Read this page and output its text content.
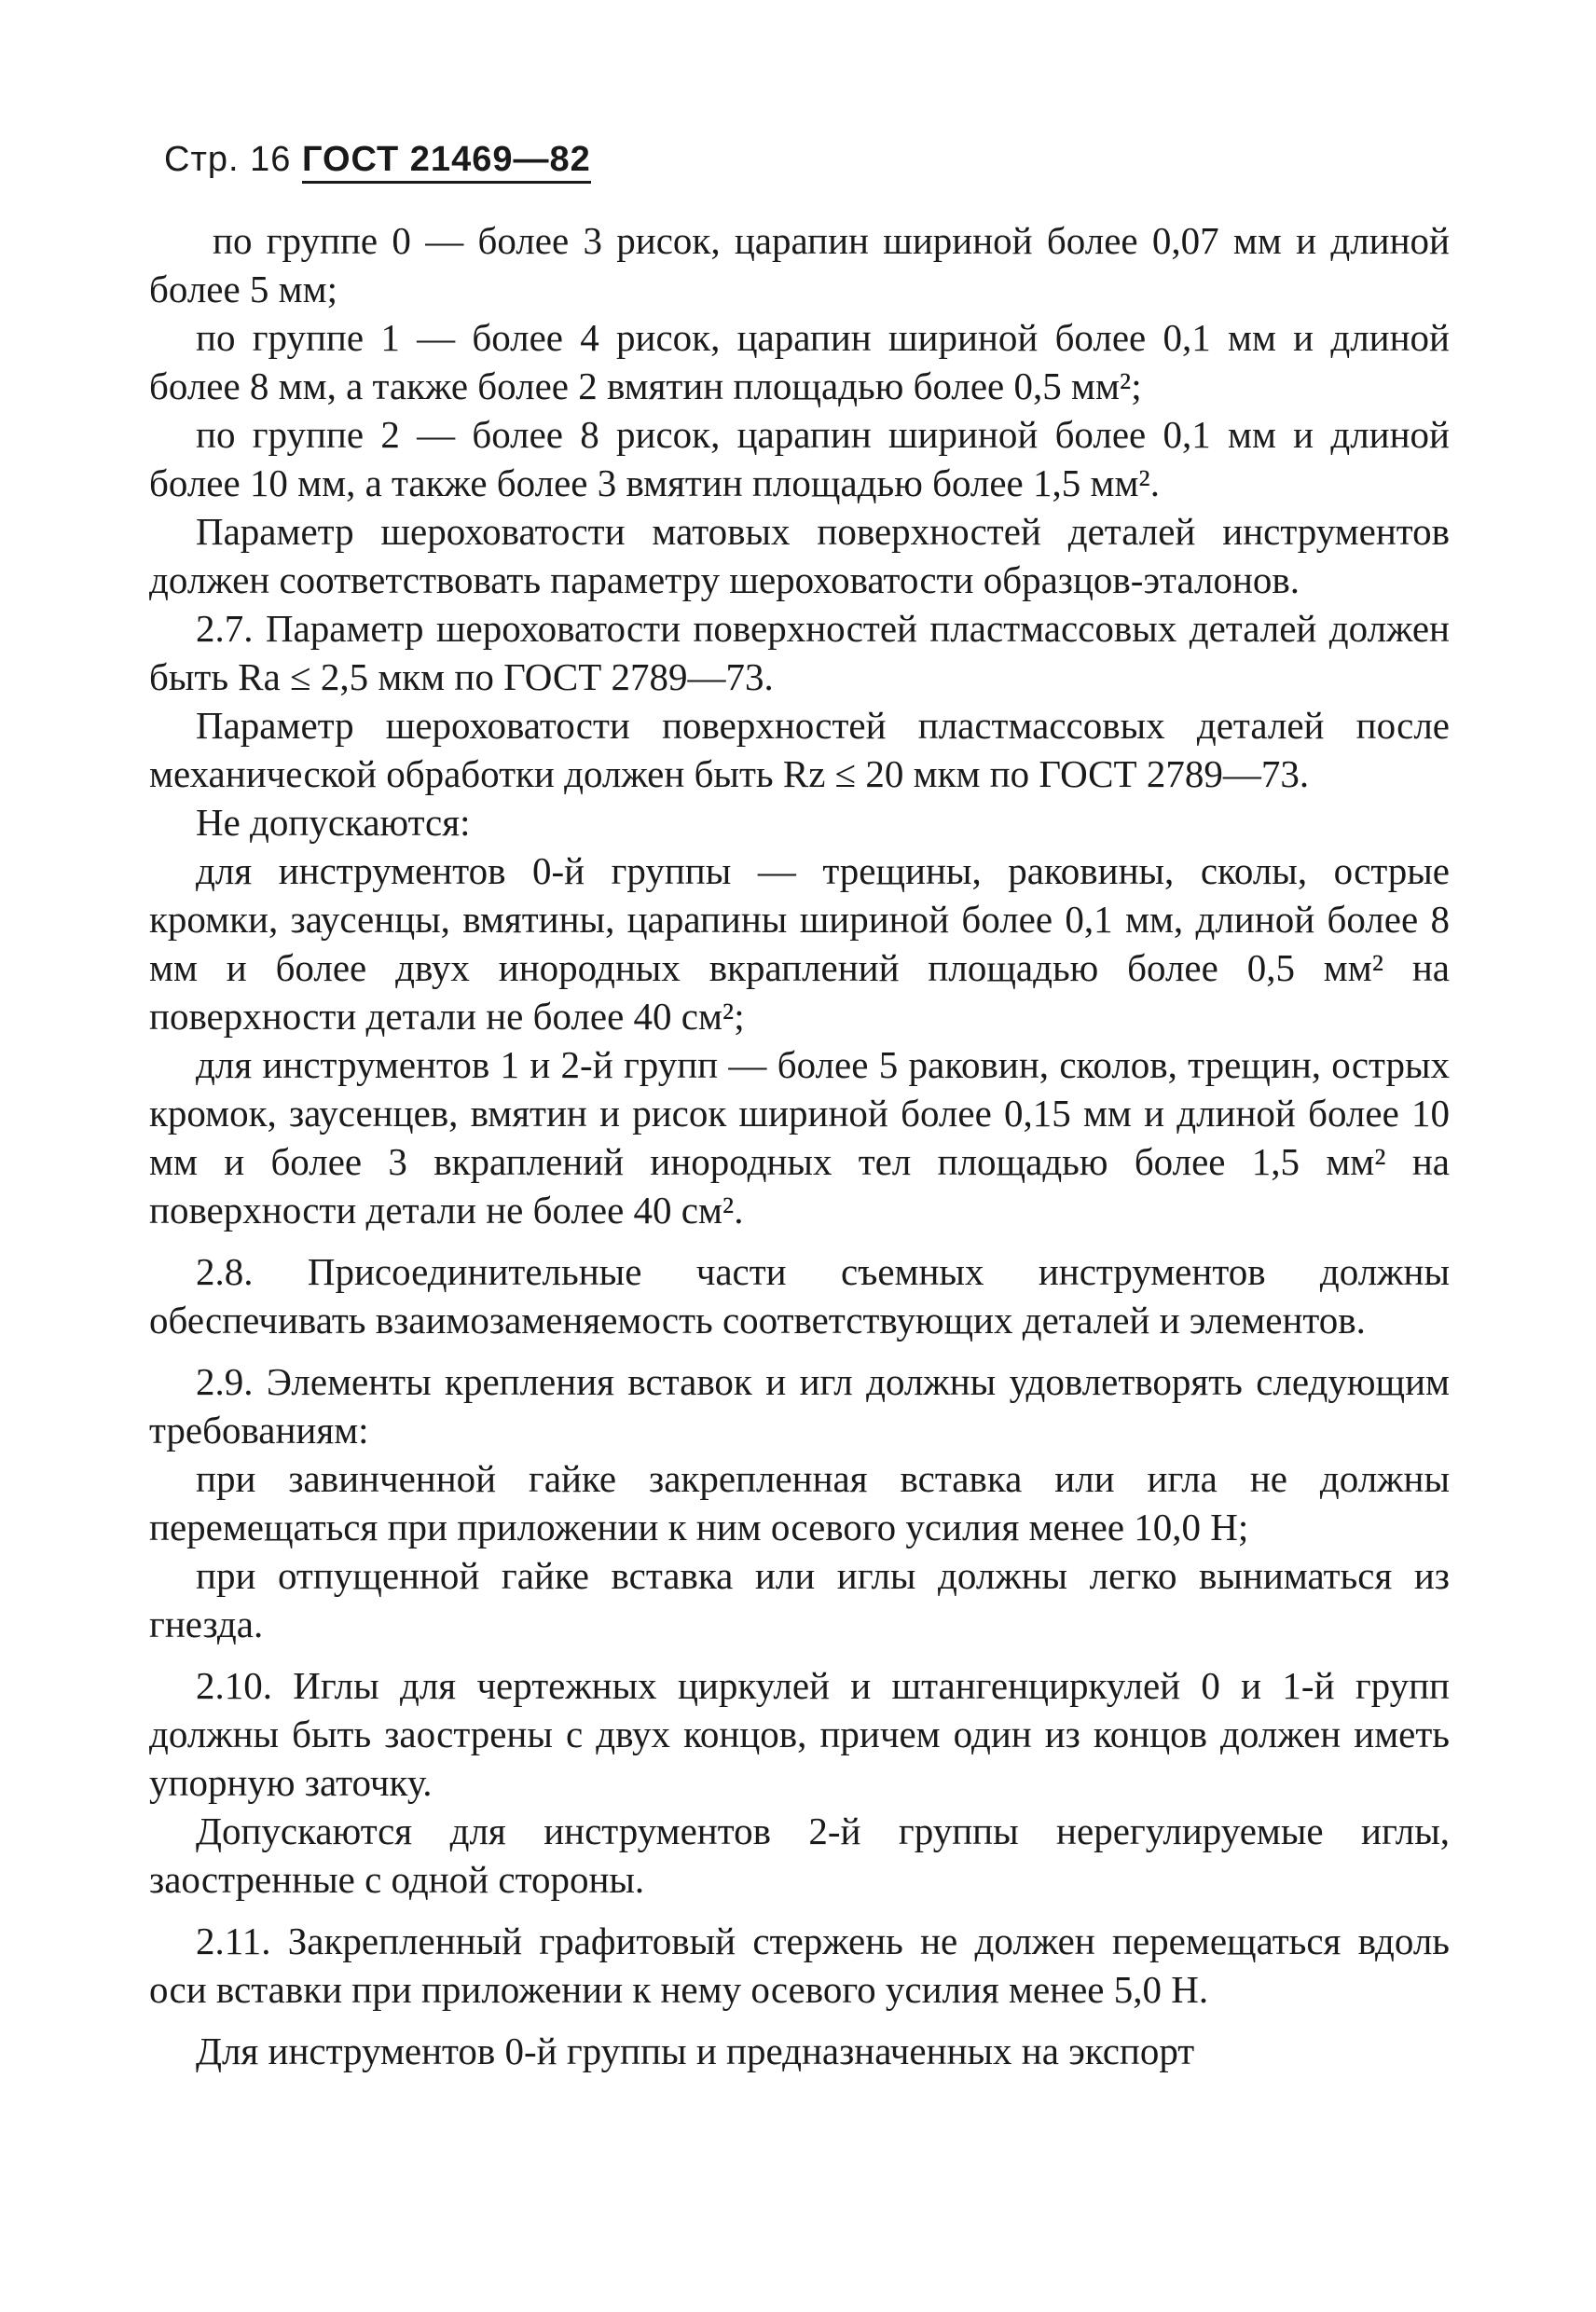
Стр. 16 ГОСТ 21469—82

по группе 0 — более 3 рисок, царапин шириной более 0,07 мм и длиной более 5 мм;

по группе 1 — более 4 рисок, царапин шириной более 0,1 мм и длиной более 8 мм, а также более 2 вмятин площадью более 0,5 мм²;

по группе 2 — более 8 рисок, царапин шириной более 0,1 мм и длиной более 10 мм, а также более 3 вмятин площадью более 1,5 мм².

Параметр шероховатости матовых поверхностей деталей инструментов должен соответствовать параметру шероховатости образцов-эталонов.

2.7. Параметр шероховатости поверхностей пластмассовых деталей должен быть Ra ≤ 2,5 мкм по ГОСТ 2789—73.

Параметр шероховатости поверхностей пластмассовых деталей после механической обработки должен быть Rz ≤ 20 мкм по ГОСТ 2789—73.

Не допускаются:

для инструментов 0-й группы — трещины, раковины, сколы, острые кромки, заусенцы, вмятины, царапины шириной более 0,1 мм, длиной более 8 мм и более двух инородных вкраплений площадью более 0,5 мм² на поверхности детали не более 40 см²;

для инструментов 1 и 2-й групп — более 5 раковин, сколов, трещин, острых кромок, заусенцев, вмятин и рисок шириной более 0,15 мм и длиной более 10 мм и более 3 вкраплений инородных тел площадью более 1,5 мм² на поверхности детали не более 40 см².

2.8. Присоединительные части съемных инструментов должны обеспечивать взаимозаменяемость соответствующих деталей и элементов.

2.9. Элементы крепления вставок и игл должны удовлетворять следующим требованиям:

при завинченной гайке закрепленная вставка или игла не должны перемещаться при приложении к ним осевого усилия менее 10,0 Н;

при отпущенной гайке вставка или иглы должны легко выниматься из гнезда.

2.10. Иглы для чертежных циркулей и штангенциркулей 0 и 1-й групп должны быть заострены с двух концов, причем один из концов должен иметь упорную заточку.

Допускаются для инструментов 2-й группы нерегулируемые иглы, заостренные с одной стороны.

2.11. Закрепленный графитовый стержень не должен перемещаться вдоль оси вставки при приложении к нему осевого усилия менее 5,0 Н.

Для инструментов 0-й группы и предназначенных на экспорт
